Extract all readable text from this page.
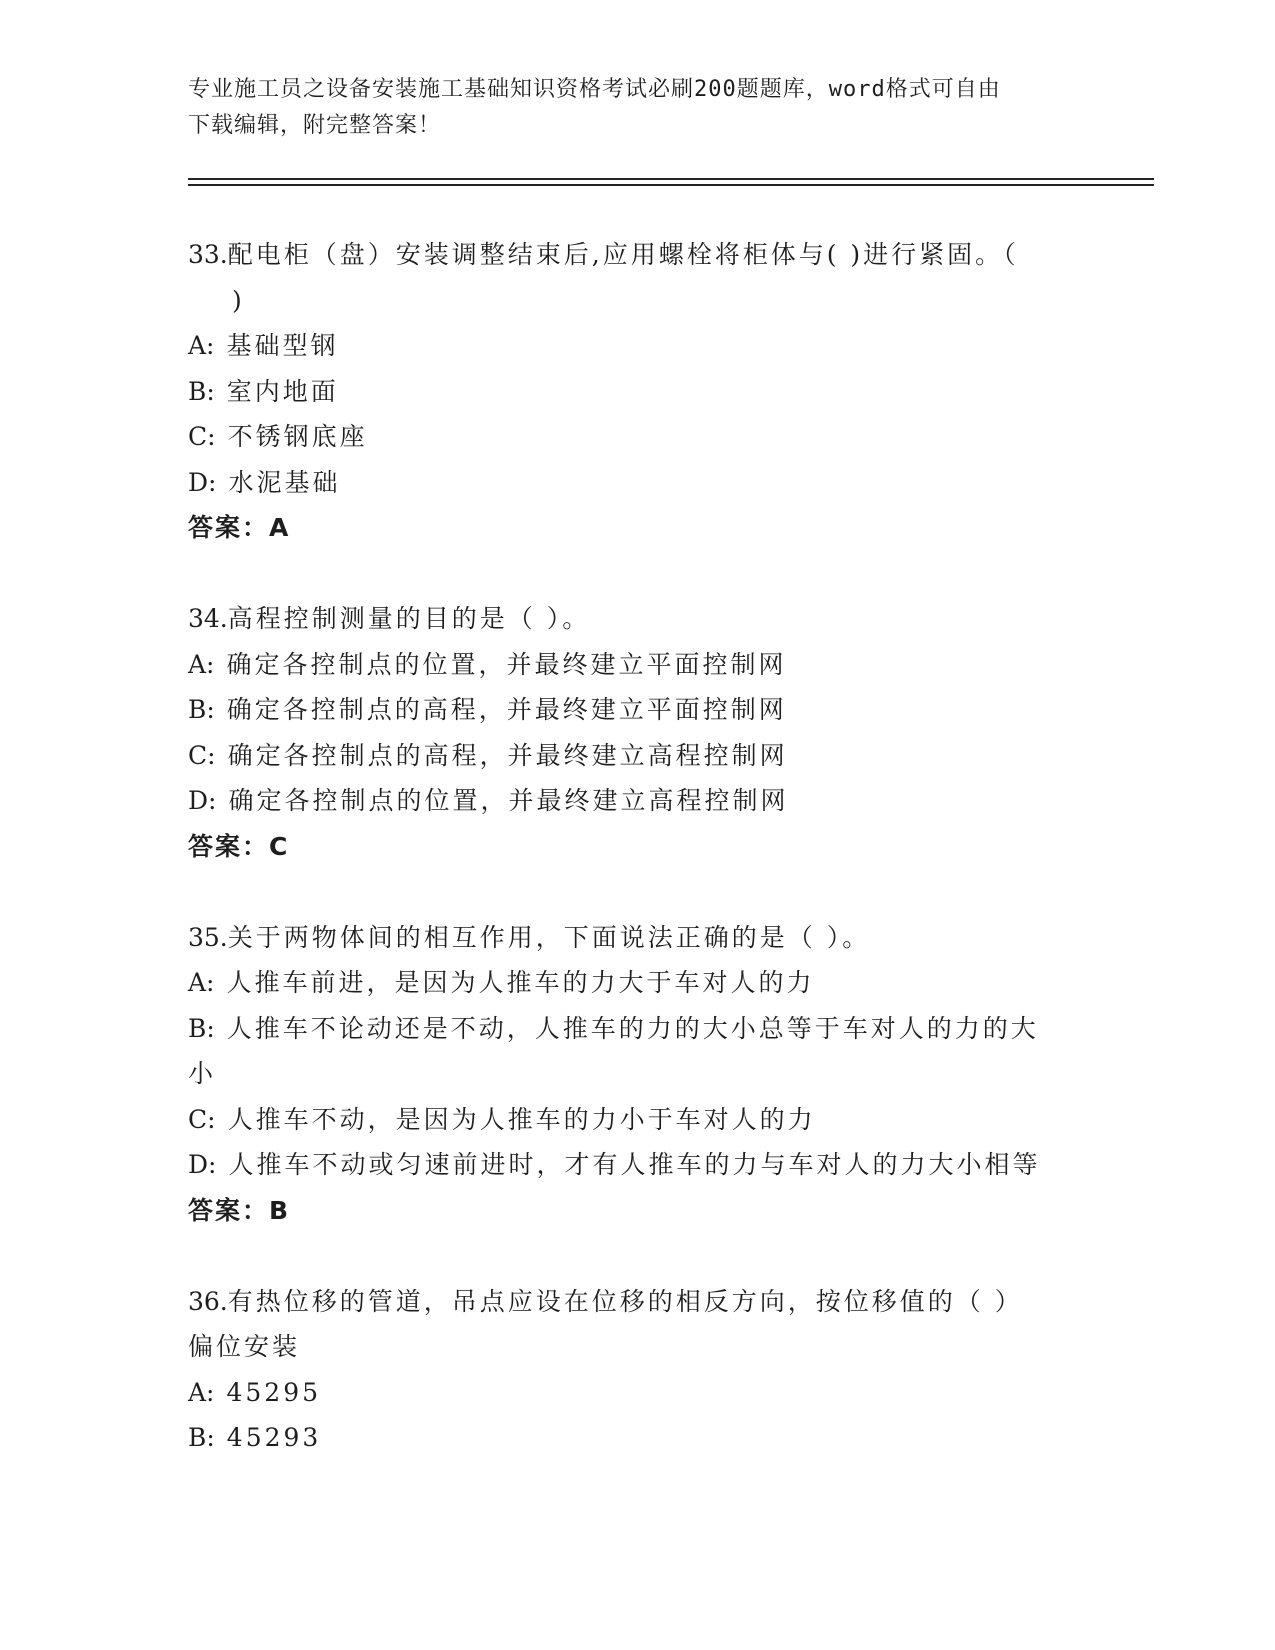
专业施工员之设备安装施工基础知识资格考试必刷200题题库，word格式可自由
下载编辑，附完整答案！
33.配电柜（盘）安装调整结束后,应用螺栓将柜体与( )进行紧固。（
)
A: 基础型钢
B: 室内地面
C: 不锈钢底座
D: 水泥基础
答案：A
34.高程控制测量的目的是（ ）。
A: 确定各控制点的位置，并最终建立平面控制网
B: 确定各控制点的高程，并最终建立平面控制网
C: 确定各控制点的高程，并最终建立高程控制网
D: 确定各控制点的位置，并最终建立高程控制网
答案：C
35.关于两物体间的相互作用，下面说法正确的是（ ）。
A: 人推车前进，是因为人推车的力大于车对人的力
B: 人推车不论动还是不动，人推车的力的大小总等于车对人的力的大
小
C: 人推车不动，是因为人推车的力小于车对人的力
D: 人推车不动或匀速前进时，才有人推车的力与车对人的力大小相等
答案：B
36.有热位移的管道，吊点应设在位移的相反方向，按位移值的（ ）
偏位安装
A: 45295
B: 45293
